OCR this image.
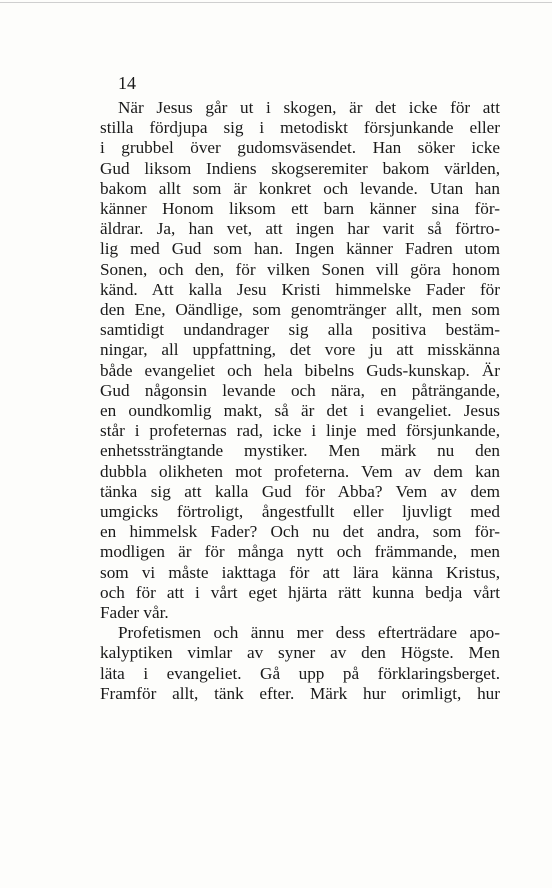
14

När Jesus går ut i skogen, är det icke för att
stilla fördjupa sig i metodiskt försjunkande eller
i grubbel över gudomsväsendet. Han söker icke
Gud liksom Indiens skogseremiter bakom världen,
bakom allt som är konkret och levande. Utan han
känner Honom liksom ett barn känner sina för-
äldrar. Ja, han vet, att ingen har varit så förtro-
lig med Gud som han. Ingen känner Fadren utom
Sonen, och den, för vilken Sonen vill göra honom
känd. Att kalla Jesu Kristi himmelske Fader för
den Ene, Oändlige, som genomtränger allt, men som
samtidigt undandrager sig alla positiva bestäm-
ningar, all uppfattning, det vore ju att misskänna
både evangeliet och hela bibelns Guds-kunskap. Är
Gud någonsin levande och nära, en påträngande,
en oundkomlig makt, så är det i evangeliet. Jesus
står i profeternas rad, icke i linje med försjunkande,
enhetssträngtande mystiker. Men märk nu den
dubbla olikheten mot profeterna. Vem av dem kan
tänka sig att kalla Gud för Abba? Vem av dem
umgicks förtroligt, ångestfullt eller ljuvligt med
en himmelsk Fader? Och nu det andra, som för-
modligen är för många nytt och främmande, men
som vi måste iakttaga för att lära känna Kristus,
och för att i vårt eget hjärta rätt kunna bedja vårt
Fader vår.

Profetismen och ännu mer dess efterträdare apo-
kalyptiken vimlar av syner av den Högste. Men
läta i evangeliet. Gå upp på förklaringsberget.
Framför allt, tänk efter. Märk hur orimligt, hur
